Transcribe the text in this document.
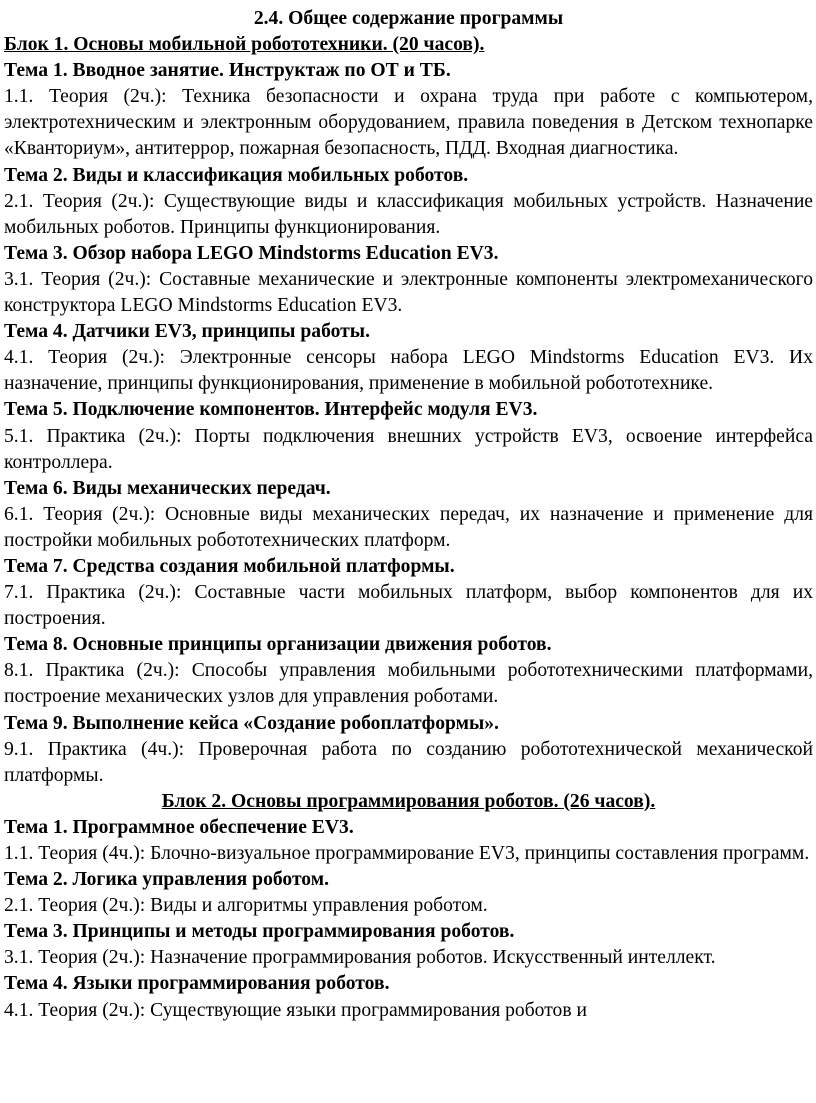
2.4. Общее содержание программы

Блок 1. Основы мобильной робототехники. (20 часов).

Тема 1. Вводное занятие. Инструктаж по ОТ и ТБ.

1.1. Теория (2ч.): Техника безопасности и охрана труда при работе с компьютером, электротехническим и электронным оборудованием, правила поведения в Детском технопарке «Кванториум», антитеррор, пожарная безопасность, ПДД. Входная диагностика.

Тема 2. Виды и классификация мобильных роботов.

2.1. Теория (2ч.): Существующие виды и классификация мобильных устройств. Назначение мобильных роботов. Принципы функционирования.

Тема 3. Обзор набора LEGO Mindstorms Education EV3.

3.1. Теория (2ч.): Составные механические и электронные компоненты электромеханического конструктора LEGO Mindstorms Education EV3.

Тема 4. Датчики EV3, принципы работы.

4.1. Теория (2ч.): Электронные сенсоры набора LEGO Mindstorms Education EV3. Их назначение, принципы функционирования, применение в мобильной робототехнике.

Тема 5. Подключение компонентов. Интерфейс модуля EV3.

5.1. Практика (2ч.): Порты подключения внешних устройств EV3, освоение интерфейса контроллера.

Тема 6. Виды механических передач.

6.1. Теория (2ч.): Основные виды механических передач, их назначение и применение для постройки мобильных робототехнических платформ.

Тема 7. Средства создания мобильной платформы.

7.1. Практика (2ч.): Составные части мобильных платформ, выбор компонентов для их построения.

Тема 8. Основные принципы организации движения роботов.

8.1. Практика (2ч.): Способы управления мобильными робототехническими платформами, построение механических узлов для управления роботами.

Тема 9. Выполнение кейса «Создание робоплатформы».

9.1. Практика (4ч.): Проверочная работа по созданию робототехнической механической платформы.

Блок 2. Основы программирования роботов. (26 часов).

Тема 1. Программное обеспечение EV3.

1.1. Теория (4ч.): Блочно-визуальное программирование EV3, принципы составления программ.

Тема 2. Логика управления роботом.

2.1. Теория (2ч.): Виды и алгоритмы управления роботом.

Тема 3. Принципы и методы программирования роботов.

3.1. Теория (2ч.): Назначение программирования роботов. Искусственный интеллект.

Тема 4. Языки программирования роботов.

4.1. Теория (2ч.): Существующие языки программирования роботов и
